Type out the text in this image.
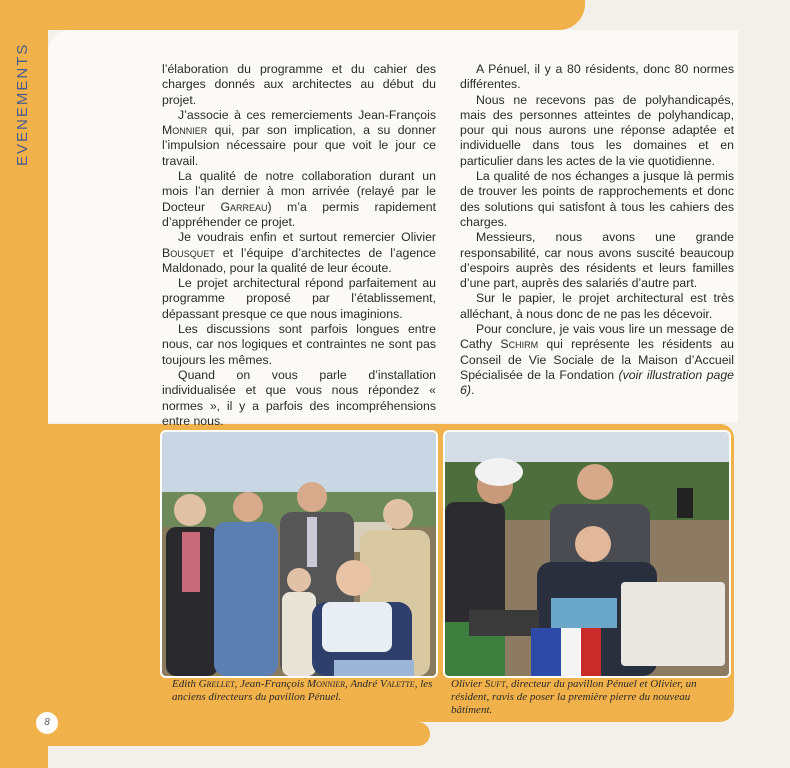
EVENEMENTS	l’élaboration du programme et du cahier des charges donnés aux architectes au début du projet.

J’associe à ces remerciements Jean-François Monnier qui, par son implication, a su donner l’impulsion nécessaire pour que voit le jour ce travail.

La qualité de notre collaboration durant un mois l’an dernier à mon arrivée (relayé par le Docteur Garreau) m’a permis rapidement d’appréhender ce projet.

Je voudrais enfin et surtout remercier Olivier Bousquet et l’équipe d’architectes de l’agence Maldonado, pour la qualité de leur écoute.

Le projet architectural répond parfaitement au programme proposé par l’établissement, dépassant presque ce que nous imaginions.

Les discussions sont parfois longues entre nous, car nos logiques et contraintes ne sont pas toujours les mêmes.

Quand on vous parle d’installation individualisée et que vous nous répondez « normes », il y a parfois des incompréhensions entre nous.

A Pénuel, il y a 80 résidents, donc 80 normes différentes.

Nous ne recevons pas de polyhandicapés, mais des personnes atteintes de polyhandicap, pour qui nous aurons une réponse adaptée et individuelle dans tous les domaines et en particulier dans les actes de la vie quotidienne.

La qualité de nos échanges a jusque là permis de trouver les points de rapprochements et donc des solutions qui satisfont à tous les cahiers des charges.

Messieurs, nous avons une grande responsabilité, car nous avons suscité beaucoup d’espoirs auprès des résidents et leurs familles d’une part, auprès des salariés d’autre part.

Sur le papier, le projet architectural est très alléchant, à nous donc de ne pas les décevoir.

Pour conclure, je vais vous lire un message de Cathy Schirm qui représente les résidents au Conseil de Vie Sociale de la Maison d’Accueil Spécialisée de la Fondation (voir illustration page 6).

Edith Grellet, Jean-François Monnier, André Valette, les anciens directeurs du pavillon Pénuel.
Olivier Suft, directeur du pavillon Pénuel et Olivier, un résident, ravis de poser la première pierre du nouveau bâtiment.
8
